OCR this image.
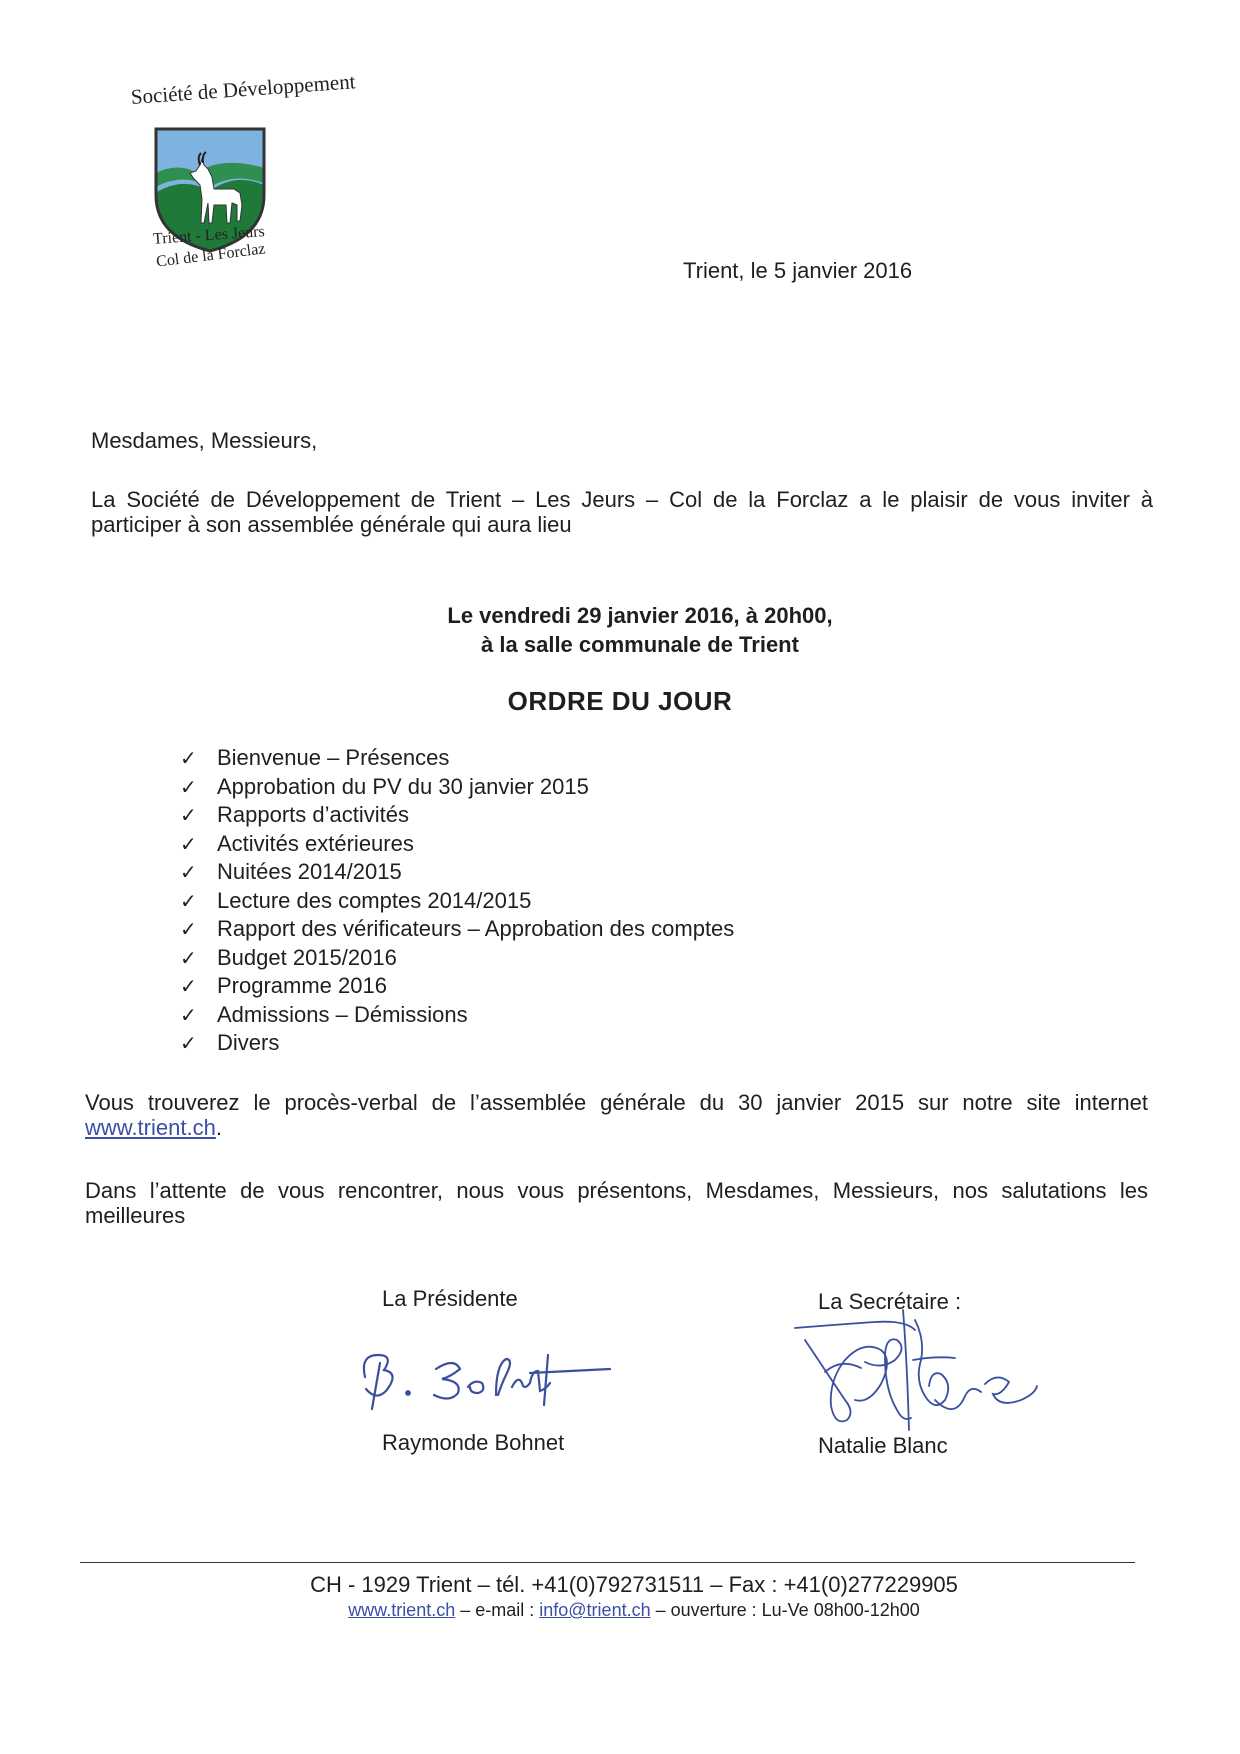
Société de Développement
Trient - Les Jeurs
Col de la Forclaz	Trient, le 5 janvier 2016
Mesdames, Messieurs,
La Société de Développement de Trient – Les Jeurs – Col de la Forclaz a le plaisir de vous inviter à participer à son assemblée générale qui aura lieu
Le vendredi 29 janvier 2016, à 20h00,
à la salle communale de Trient
ORDRE DU JOUR
✓ Bienvenue – Présences
✓ Approbation du PV du 30 janvier 2015
✓ Rapports d’activités
✓ Activités extérieures
✓ Nuitées 2014/2015
✓ Lecture des comptes 2014/2015
✓ Rapport des vérificateurs – Approbation des comptes
✓ Budget 2015/2016
✓ Programme 2016
✓ Admissions – Démissions
✓ Divers
Vous trouverez le procès-verbal de l’assemblée générale du 30 janvier 2015 sur notre site internet www.trient.ch.
Dans l’attente de vous rencontrer, nous vous présentons, Mesdames, Messieurs, nos salutations les meilleures
La Présidente
Raymonde Bohnet
La Secrétaire :
Natalie Blanc
CH - 1929 Trient – tél. +41(0)792731511 – Fax : +41(0)277229905
www.trient.ch – e-mail : info@trient.ch – ouverture : Lu-Ve 08h00-12h00
